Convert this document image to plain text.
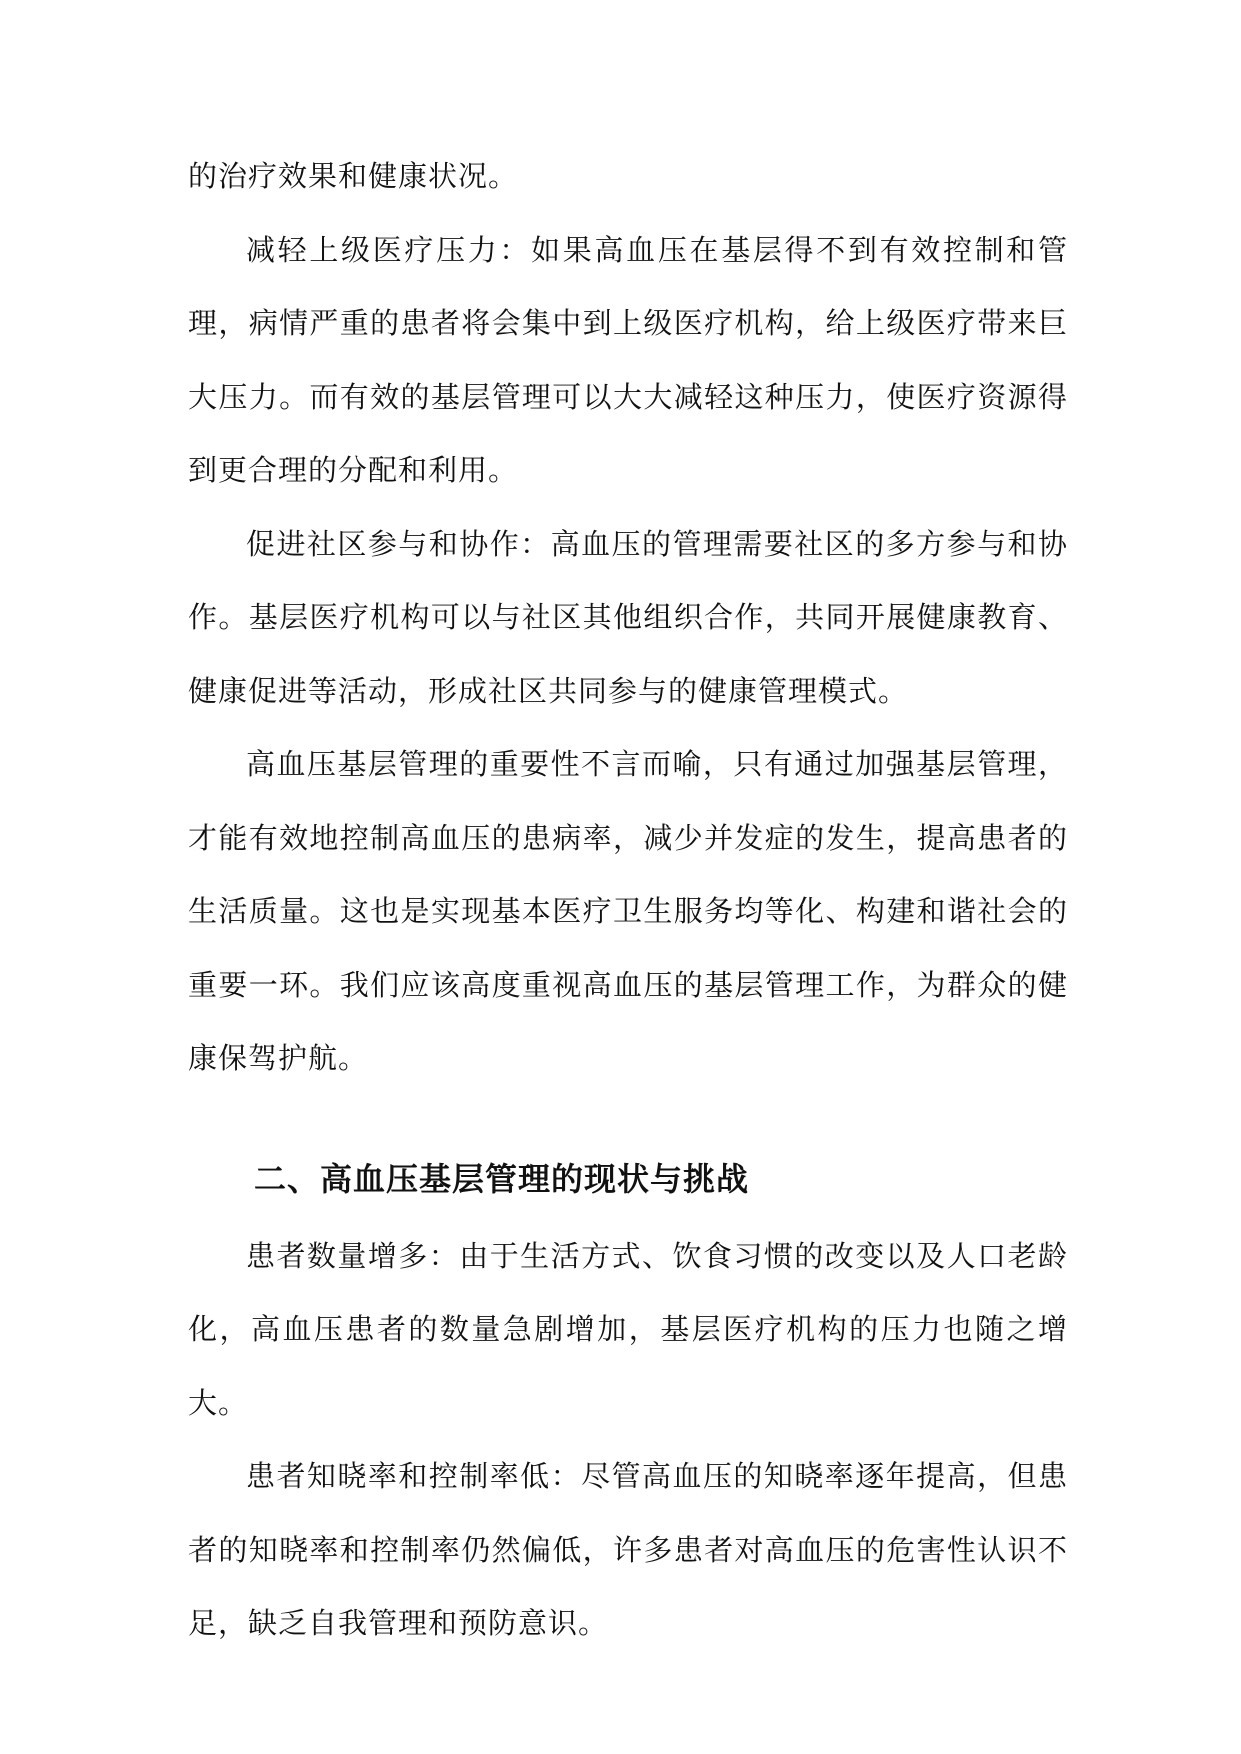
的治疗效果和健康状况。

减轻上级医疗压力：如果高血压在基层得不到有效控制和管理，病情严重的患者将会集中到上级医疗机构，给上级医疗带来巨大压力。而有效的基层管理可以大大减轻这种压力，使医疗资源得到更合理的分配和利用。

促进社区参与和协作：高血压的管理需要社区的多方参与和协作。基层医疗机构可以与社区其他组织合作，共同开展健康教育、健康促进等活动，形成社区共同参与的健康管理模式。

高血压基层管理的重要性不言而喻，只有通过加强基层管理，才能有效地控制高血压的患病率，减少并发症的发生，提高患者的生活质量。这也是实现基本医疗卫生服务均等化、构建和谐社会的重要一环。我们应该高度重视高血压的基层管理工作，为群众的健康保驾护航。

二、高血压基层管理的现状与挑战

患者数量增多：由于生活方式、饮食习惯的改变以及人口老龄化，高血压患者的数量急剧增加，基层医疗机构的压力也随之增大。

患者知晓率和控制率低：尽管高血压的知晓率逐年提高，但患者的知晓率和控制率仍然偏低，许多患者对高血压的危害性认识不足，缺乏自我管理和预防意识。
